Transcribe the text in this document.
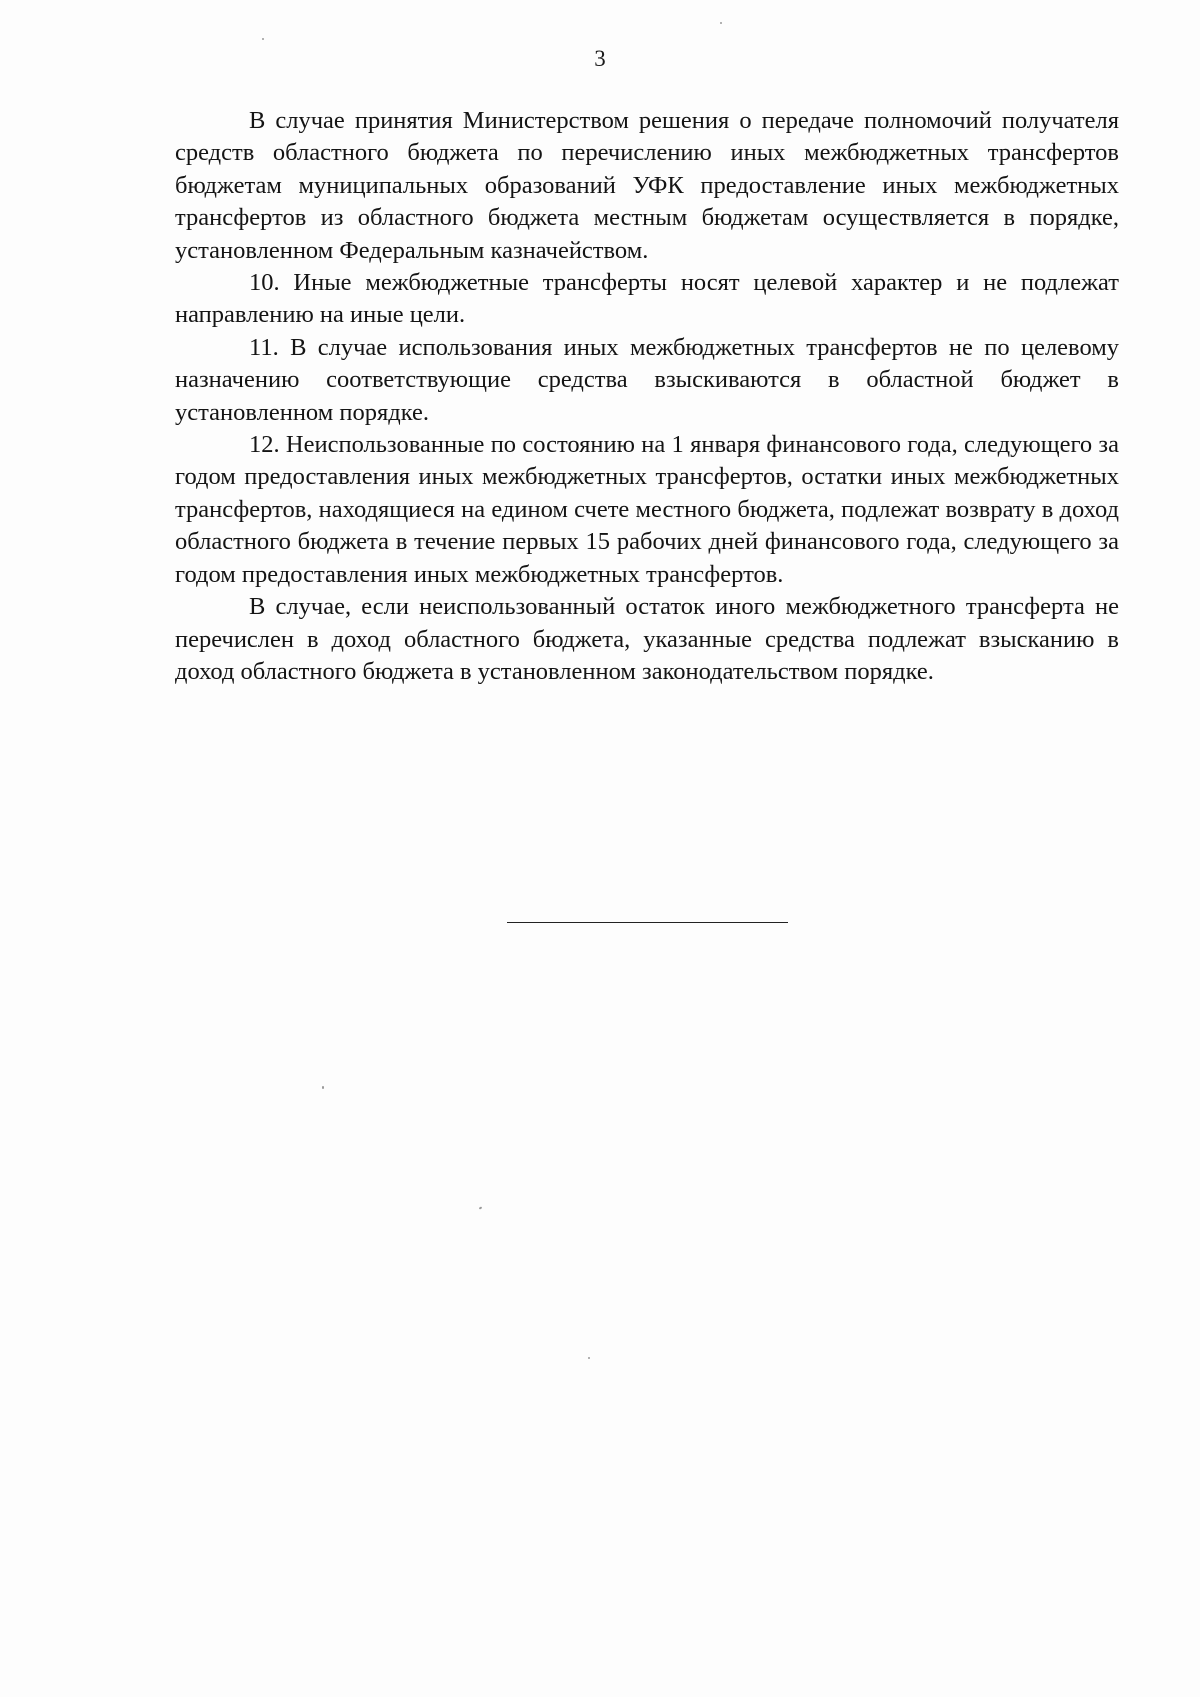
3

В случае принятия Министерством решения о передаче полномочий получателя средств областного бюджета по перечислению иных межбюджетных трансфертов бюджетам муниципальных образований УФК предоставление иных межбюджетных трансфертов из областного бюджета местным бюджетам осуществляется в порядке, установленном Федеральным казначейством.

10. Иные межбюджетные трансферты носят целевой характер и не подлежат направлению на иные цели.

11. В случае использования иных межбюджетных трансфертов не по целевому назначению соответствующие средства взыскиваются в областной бюджет в установленном порядке.

12. Неиспользованные по состоянию на 1 января финансового года, следующего за годом предоставления иных межбюджетных трансфертов, остатки иных межбюджетных трансфертов, находящиеся на едином счете местного бюджета, подлежат возврату в доход областного бюджета в течение первых 15 рабочих дней финансового года, следующего за годом предоставления иных межбюджетных трансфертов.

В случае, если неиспользованный остаток иного межбюджетного трансферта не перечислен в доход областного бюджета, указанные средства подлежат взысканию в доход областного бюджета в установленном законодательством порядке.
